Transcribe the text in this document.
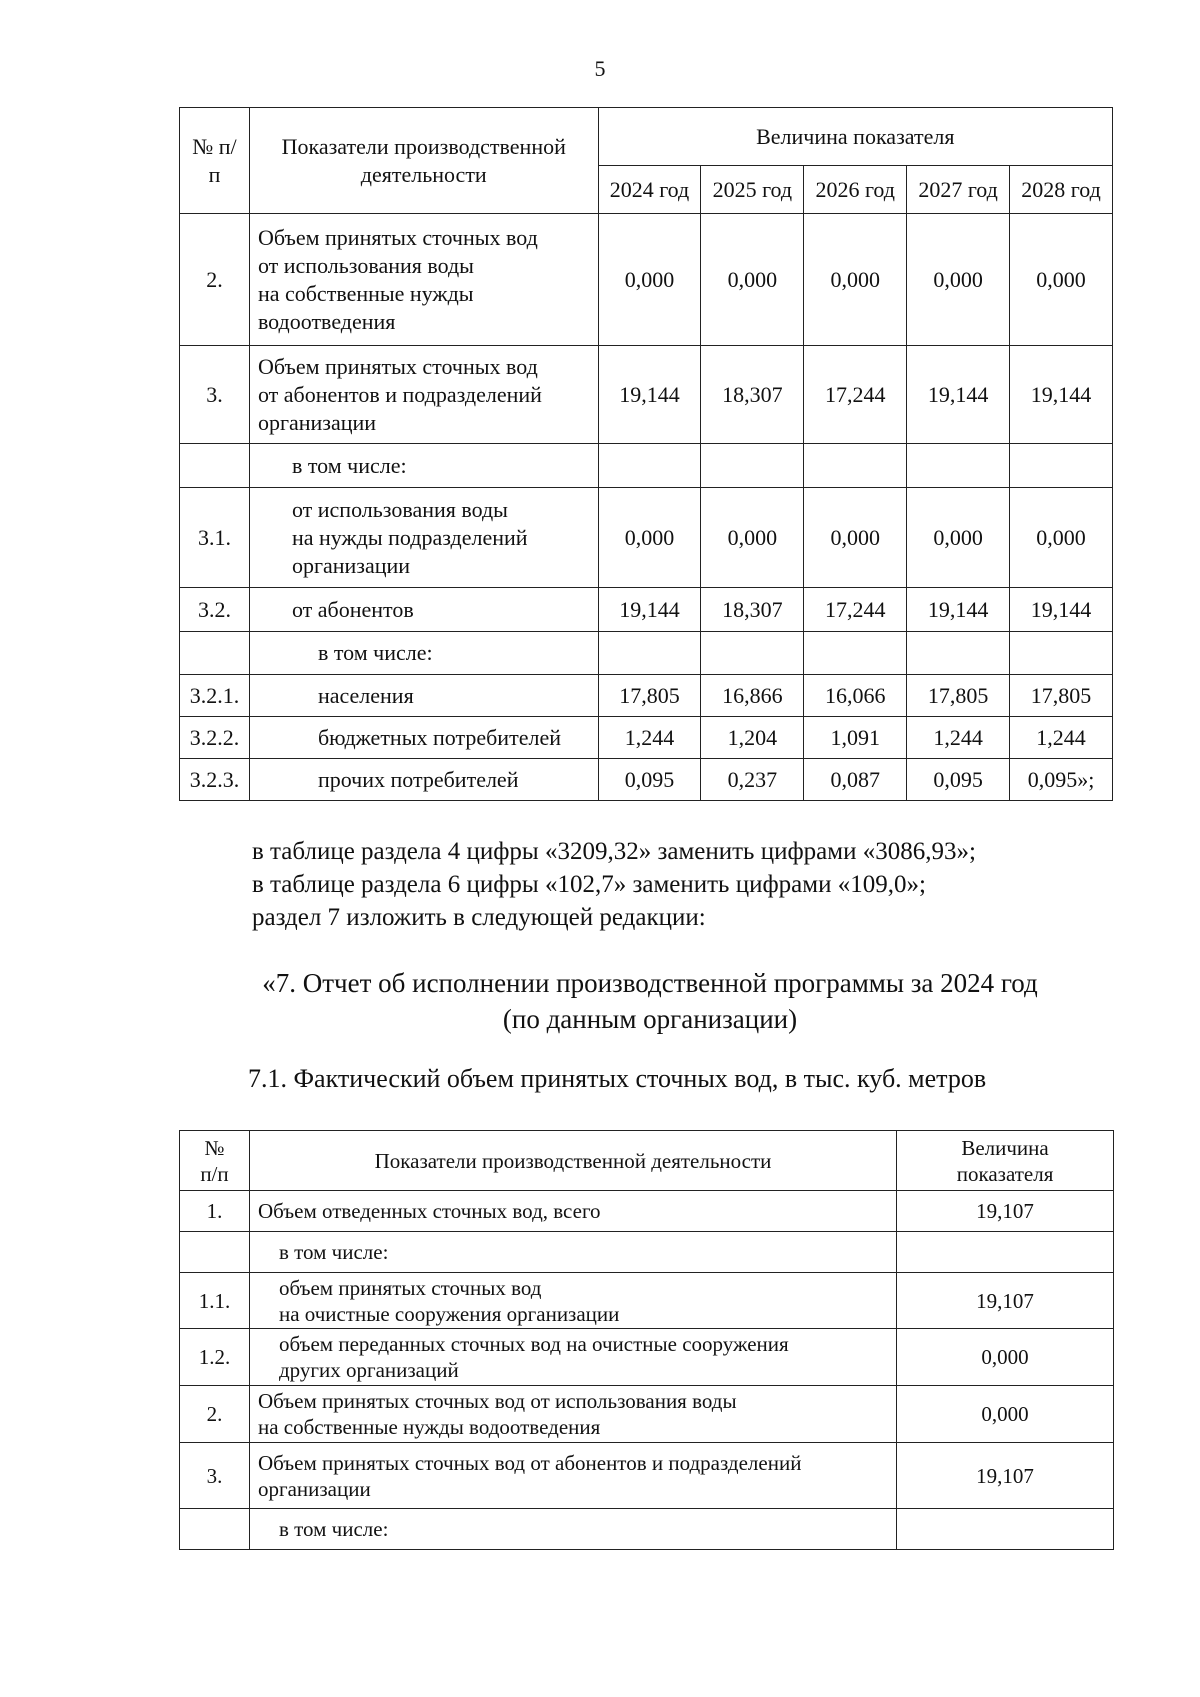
5
№ п/п	Показатели производственной деятельности	Величина показателя				
		2024 год	2025 год	2026 год	2027 год	2028 год
2.	Объем принятых сточных вод
от использования воды
на собственные нужды
водоотведения	0,000	0,000	0,000	0,000	0,000
3.	Объем принятых сточных вод
от абонентов и подразделений
организации	19,144	18,307	17,244	19,144	19,144

	в том числе:					

3.1.	от использования воды
на нужды подразделений
организации	0,000	0,000	0,000	0,000	0,000
3.2.	от абонентов	19,144	18,307	17,244	19,144	19,144

	в том числе:					

3.2.1.	населения	17,805	16,866	16,066	17,805	17,805
3.2.2.	бюджетных потребителей	1,244	1,204	1,091	1,244	1,244
3.2.3.	прочих потребителей	0,095	0,237	0,087	0,095	0,095»;
в таблице раздела 4 цифры «3209,32» заменить цифрами «3086,93»;
в таблице раздела 6 цифры «102,7» заменить цифрами «109,0»;
раздел 7 изложить в следующей редакции:
«7. Отчет об исполнении производственной программы за 2024 год
(по данным организации)
7.1. Фактический объем принятых сточных вод, в тыс. куб. метров
№ п/п	Показатели производственной деятельности	Величина показателя
1.	Объем отведенных сточных вод, всего	19,107

	в том числе:	

1.1.	объем принятых сточных вод
на очистные сооружения организации	19,107
1.2.	объем переданных сточных вод на очистные сооружения
других организаций	0,000
2.	Объем принятых сточных вод от использования воды
на собственные нужды водоотведения	0,000
3.	Объем принятых сточных вод от абонентов и подразделений
организации	19,107

	в том числе:	
